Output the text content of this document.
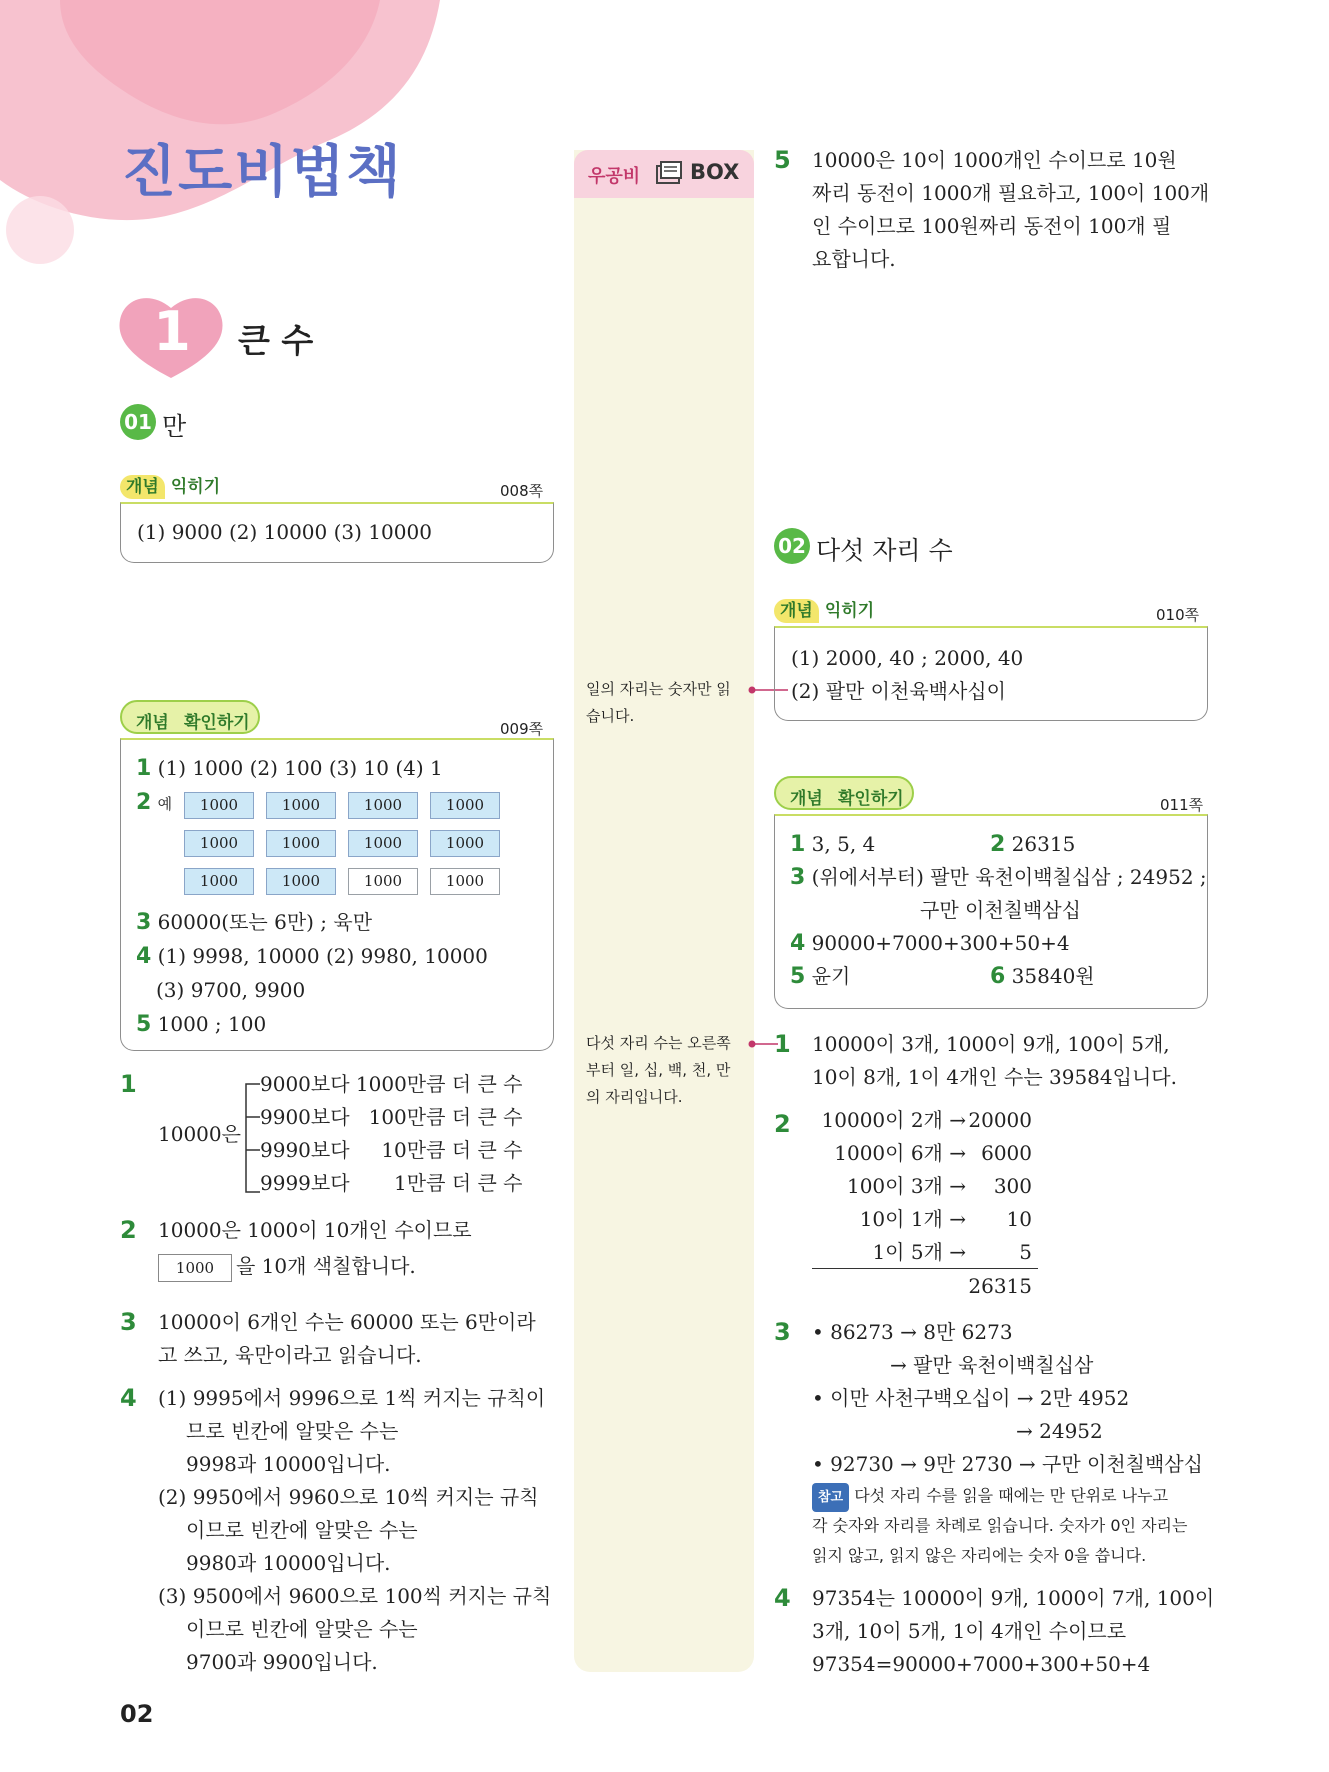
진도비법책
1 큰 수
01 만
개념 익히기	008쪽
(1) 9000 (2) 10000 (3) 10000
개념 확인하기	009쪽
1 (1) 1000 (2) 100 (3) 10 (4) 1
2 예	1000	1000	1000	1000
1000	1000	1000	1000
1000	1000	1000	1000
3 60000(또는 6만) ; 육만
4 (1) 9998, 10000 (2) 9980, 10000
(3) 9700, 9900
5 1000 ; 100
1
10000은
9000보다 1000만큼 더 큰 수
9900보다   100만큼 더 큰 수
9990보다     10만큼 더 큰 수
9999보다       1만큼 더 큰 수
2 10000은 1000이 10개인 수이므로
1000	을 10개 색칠합니다.
3 10000이 6개인 수는 60000 또는 6만이라
고 쓰고, 육만이라고 읽습니다.
4 (1) 9995에서 9996으로 1씩 커지는 규칙이
므로 빈칸에 알맞은 수는
9998과 10000입니다.
(2) 9950에서 9960으로 10씩 커지는 규칙
이므로 빈칸에 알맞은 수는
9980과 10000입니다.
(3) 9500에서 9600으로 100씩 커지는 규칙
이므로 빈칸에 알맞은 수는
9700과 9900입니다.
02
우공비 BOX
일의 자리는 숫자만 읽
습니다.
다섯 자리 수는 오른쪽
부터 일, 십, 백, 천, 만
의 자리입니다.
5 10000은 10이 1000개인 수이므로 10원
짜리 동전이 1000개 필요하고, 100이 100개
인 수이므로 100원짜리 동전이 100개 필
요합니다.
02 다섯 자리 수
개념 익히기	010쪽
(1) 2000, 40 ; 2000, 40
(2) 팔만 이천육백사십이
개념 확인하기	011쪽
1 3, 5, 4	2 26315
3 (위에서부터) 팔만 육천이백칠십삼 ; 24952 ;
구만 이천칠백삼십
4 90000+7000+300+50+4
5 윤기	6 35840원
1 10000이 3개, 1000이 9개, 100이 5개,
10이 8개, 1이 4개인 수는 39584입니다.
2 10000이 2개 → 20000
1000이 6개 → 6000
100이 3개 →	300
10이 1개 →	10
1이 5개 →	5
26315
3 • 86273 → 8만 6273
→ 팔만 육천이백칠십삼
• 이만 사천구백오십이 → 2만 4952
→ 24952
• 92730 → 9만 2730 → 구만 이천칠백삼십
참고 다섯 자리 수를 읽을 때에는 만 단위로 나누고
각 숫자와 자리를 차례로 읽습니다. 숫자가 0인 자리는
읽지 않고, 읽지 않은 자리에는 숫자 0을 씁니다.
4 97354는 10000이 9개, 1000이 7개, 100이
3개, 10이 5개, 1이 4개인 수이므로
97354=90000+7000+300+50+4
